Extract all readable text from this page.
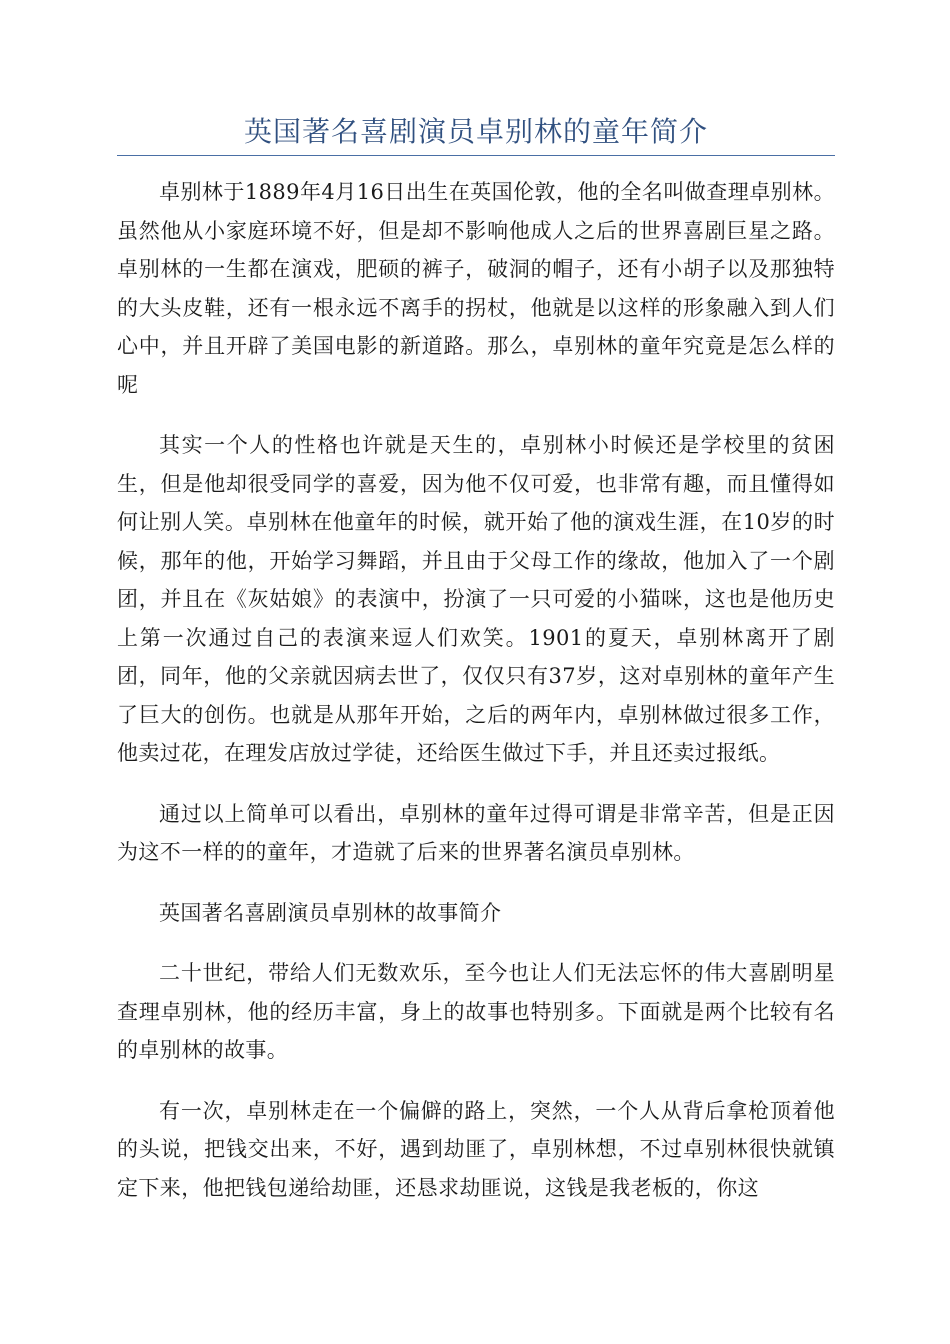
英国著名喜剧演员卓别林的童年简介

卓别林于1889年4月16日出生在英国伦敦，他的全名叫做查理卓别林。虽然他从小家庭环境不好，但是却不影响他成人之后的世界喜剧巨星之路。卓别林的一生都在演戏，肥硕的裤子，破洞的帽子，还有小胡子以及那独特的大头皮鞋，还有一根永远不离手的拐杖，他就是以这样的形象融入到人们心中，并且开辟了美国电影的新道路。那么，卓别林的童年究竟是怎么样的呢

其实一个人的性格也许就是天生的，卓别林小时候还是学校里的贫困生，但是他却很受同学的喜爱，因为他不仅可爱，也非常有趣，而且懂得如何让别人笑。卓别林在他童年的时候，就开始了他的演戏生涯，在10岁的时候，那年的他，开始学习舞蹈，并且由于父母工作的缘故，他加入了一个剧团，并且在《灰姑娘》的表演中，扮演了一只可爱的小猫咪，这也是他历史上第一次通过自己的表演来逗人们欢笑。1901的夏天，卓别林离开了剧团，同年，他的父亲就因病去世了，仅仅只有37岁，这对卓别林的童年产生了巨大的创伤。也就是从那年开始，之后的两年内，卓别林做过很多工作，他卖过花，在理发店放过学徒，还给医生做过下手，并且还卖过报纸。

通过以上简单可以看出，卓别林的童年过得可谓是非常辛苦，但是正因为这不一样的的童年，才造就了后来的世界著名演员卓别林。

英国著名喜剧演员卓别林的故事简介

二十世纪，带给人们无数欢乐，至今也让人们无法忘怀的伟大喜剧明星查理卓别林，他的经历丰富，身上的故事也特别多。下面就是两个比较有名的卓别林的故事。

有一次，卓别林走在一个偏僻的路上，突然，一个人从背后拿枪顶着他的头说，把钱交出来，不好，遇到劫匪了，卓别林想，不过卓别林很快就镇定下来，他把钱包递给劫匪，还恳求劫匪说，这钱是我老板的，你这
